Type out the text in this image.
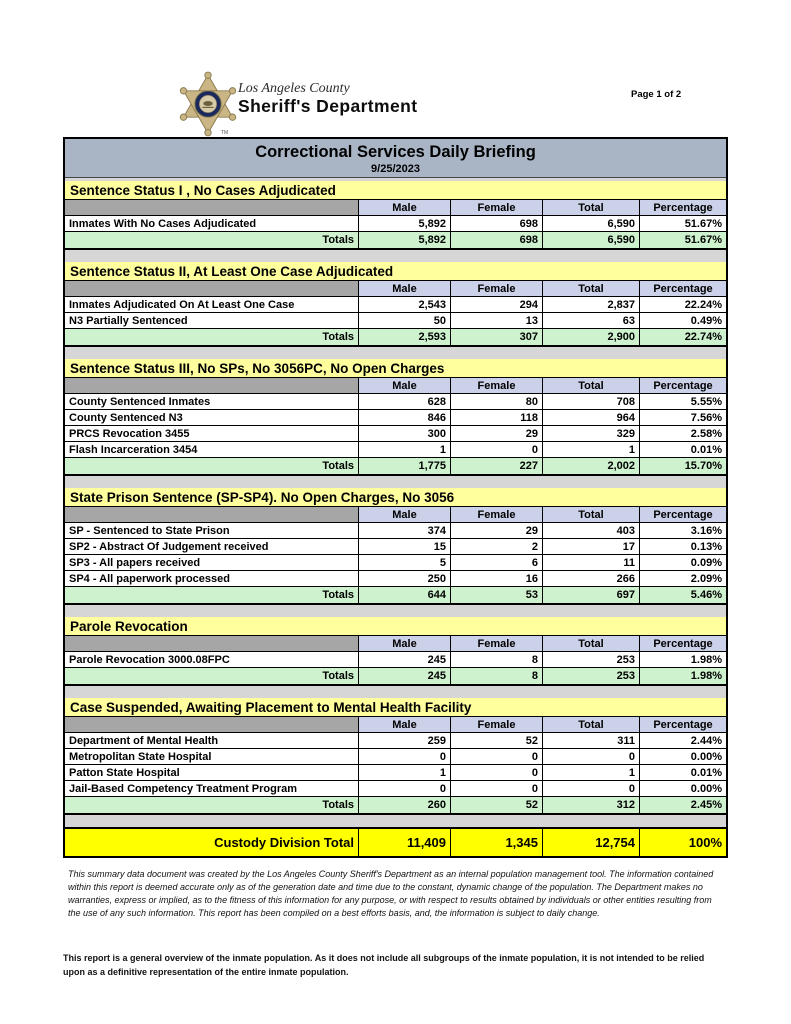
TM
Los Angeles County
Sheriff's Department
Page 1 of 2
Correctional Services Daily Briefing
9/25/2023
Sentence Status I , No Cases Adjudicated
Male	Female	Total	Percentage
Inmates With No Cases Adjudicated	5,892	698	6,590	51.67%
Totals	5,892	698	6,590	51.67%
Sentence Status II, At Least One Case Adjudicated
Male	Female	Total	Percentage
Inmates Adjudicated On At Least One Case	2,543	294	2,837	22.24%
N3 Partially Sentenced	50	13	63	0.49%
Totals	2,593	307	2,900	22.74%
Sentence Status III, No SPs, No 3056PC, No Open Charges
Male	Female	Total	Percentage
County Sentenced Inmates	628	80	708	5.55%
County Sentenced N3	846	118	964	7.56%
PRCS Revocation 3455	300	29	329	2.58%
Flash Incarceration 3454	1	0	1	0.01%
Totals	1,775	227	2,002	15.70%
State Prison Sentence (SP-SP4). No Open Charges, No 3056
Male	Female	Total	Percentage
SP - Sentenced to State Prison	374	29	403	3.16%
SP2 - Abstract Of Judgement received	15	2	17	0.13%
SP3 - All papers received	5	6	11	0.09%
SP4 - All paperwork processed	250	16	266	2.09%
Totals	644	53	697	5.46%
Parole Revocation
Male	Female	Total	Percentage
Parole Revocation 3000.08FPC	245	8	253	1.98%
Totals	245	8	253	1.98%
Case Suspended, Awaiting Placement to Mental Health Facility
Male	Female	Total	Percentage
Department of Mental Health	259	52	311	2.44%
Metropolitan State Hospital	0	0	0	0.00%
Patton State Hospital	1	0	1	0.01%
Jail-Based Competency Treatment Program	0	0	0	0.00%
Totals	260	52	312	2.45%
Custody Division Total	11,409	1,345	12,754	100%
This summary data document was created by the Los Angeles County Sheriff's Department as an internal population management tool. The information contained within this report is deemed accurate only as of the generation date and time due to the constant, dynamic change of the population. The Department makes no warranties, express or implied, as to the fitness of this information for any purpose, or with respect to results obtained by individuals or other entities resulting from the use of any such information. This report has been compiled on a best efforts basis, and, the information is subject to daily change.
This report is a general overview of the inmate population. As it does not include all subgroups of the inmate population, it is not intended to be relied upon as a definitive representation of the entire inmate population.
